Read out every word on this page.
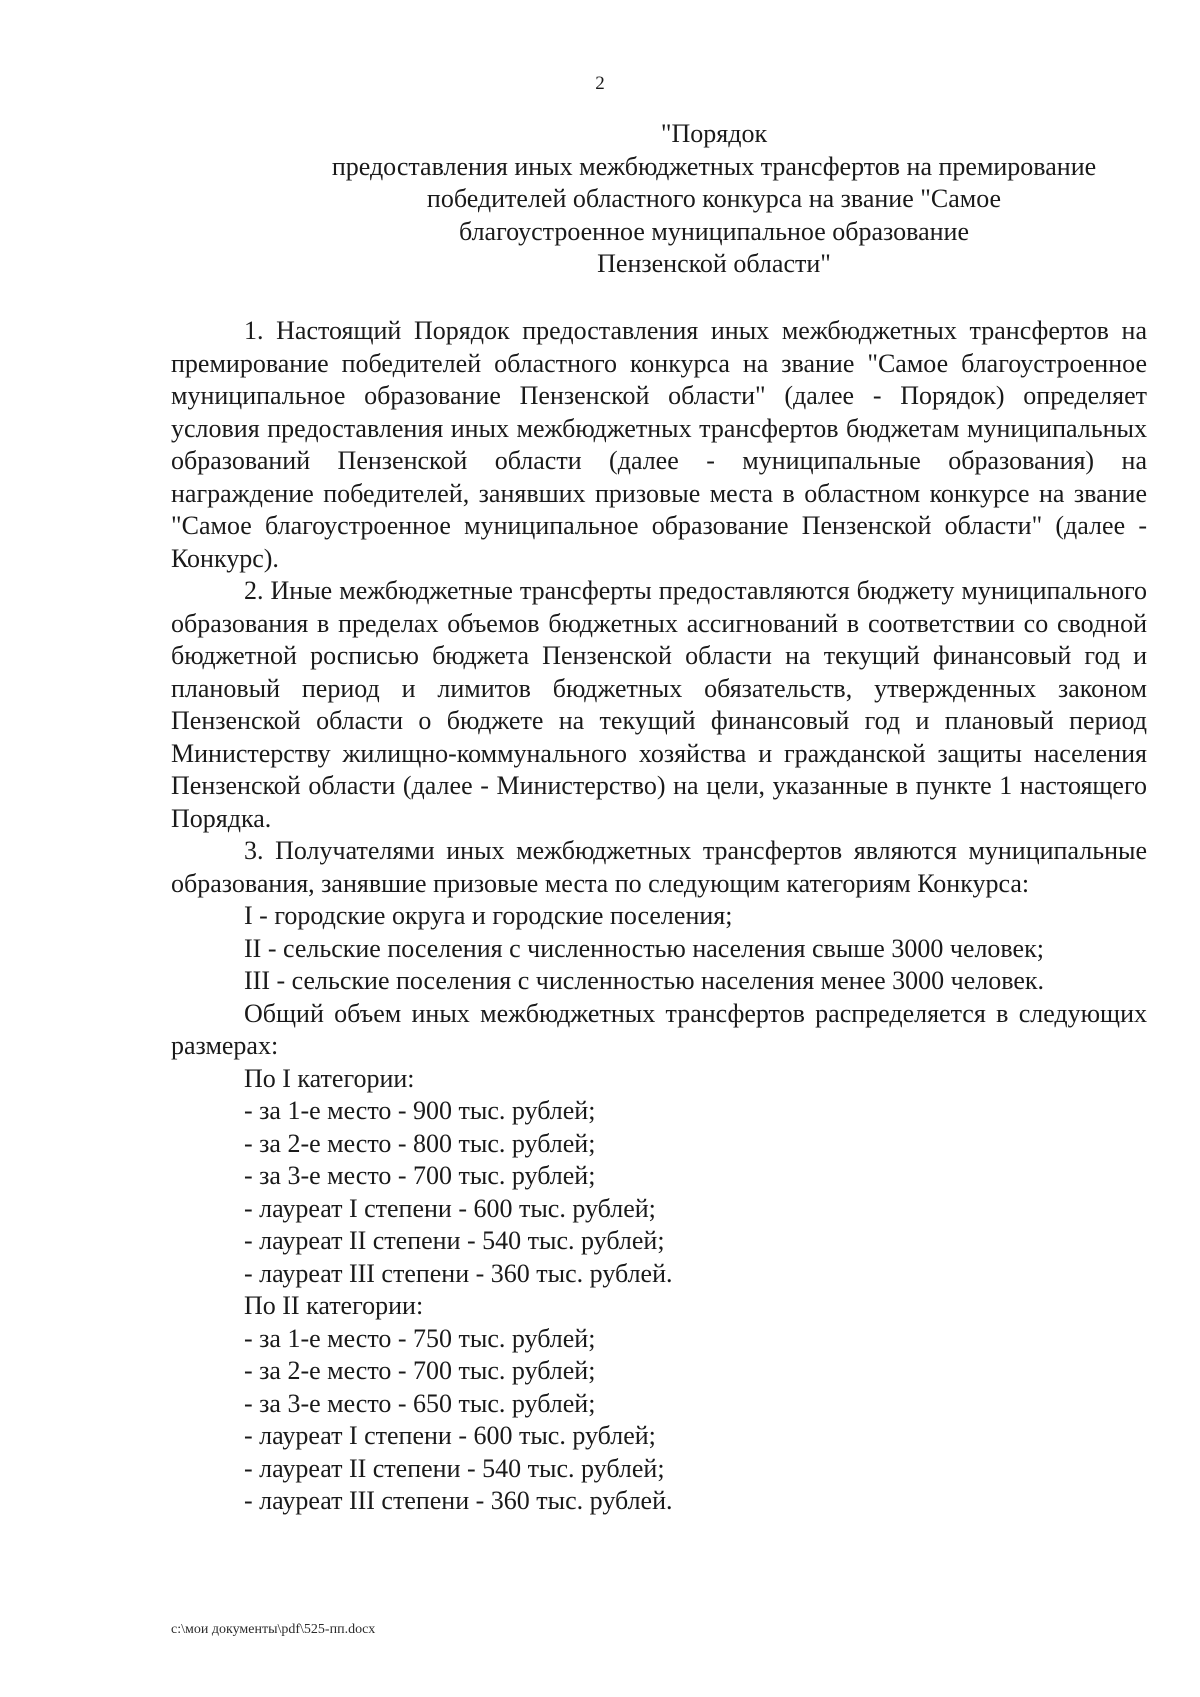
2
"Порядок
предоставления иных межбюджетных трансфертов на премирование
победителей областного конкурса на звание "Самое
благоустроенное муниципальное образование
Пензенской области"

1. Настоящий Порядок предоставления иных межбюджетных трансфертов на премирование победителей областного конкурса на звание "Самое благоустроенное муниципальное образование Пензенской области" (далее - Порядок) определяет условия предоставления иных межбюджетных трансфертов бюджетам муниципальных образований Пензенской области (далее - муниципальные образования) на награждение победителей, занявших призовые места в областном конкурсе на звание "Самое благоустроенное муниципальное образование Пензенской области" (далее - Конкурс).

2. Иные межбюджетные трансферты предоставляются бюджету муниципального образования в пределах объемов бюджетных ассигнований в соответствии со сводной бюджетной росписью бюджета Пензенской области на текущий финансовый год и плановый период и лимитов бюджетных обязательств, утвержденных законом Пензенской области о бюджете на текущий финансовый год и плановый период Министерству жилищно-коммунального хозяйства и гражданской защиты населения Пензенской области (далее - Министерство) на цели, указанные в пункте 1 настоящего Порядка.

3. Получателями иных межбюджетных трансфертов являются муниципальные образования, занявшие призовые места по следующим категориям Конкурса:

I - городские округа и городские поселения;
II - сельские поселения с численностью населения свыше 3000 человек;
III - сельские поселения с численностью населения менее 3000 человек.

Общий объем иных межбюджетных трансфертов распределяется в следующих размерах:

По I категории:
- за 1-е место - 900 тыс. рублей;
- за 2-е место - 800 тыс. рублей;
- за 3-е место - 700 тыс. рублей;
- лауреат I степени - 600 тыс. рублей;
- лауреат II степени - 540 тыс. рублей;
- лауреат III степени - 360 тыс. рублей.
По II категории:
- за 1-е место - 750 тыс. рублей;
- за 2-е место - 700 тыс. рублей;
- за 3-е место - 650 тыс. рублей;
- лауреат I степени - 600 тыс. рублей;
- лауреат II степени - 540 тыс. рублей;
- лауреат III степени - 360 тыс. рублей.
c:\мои документы\pdf\525-пп.docx
